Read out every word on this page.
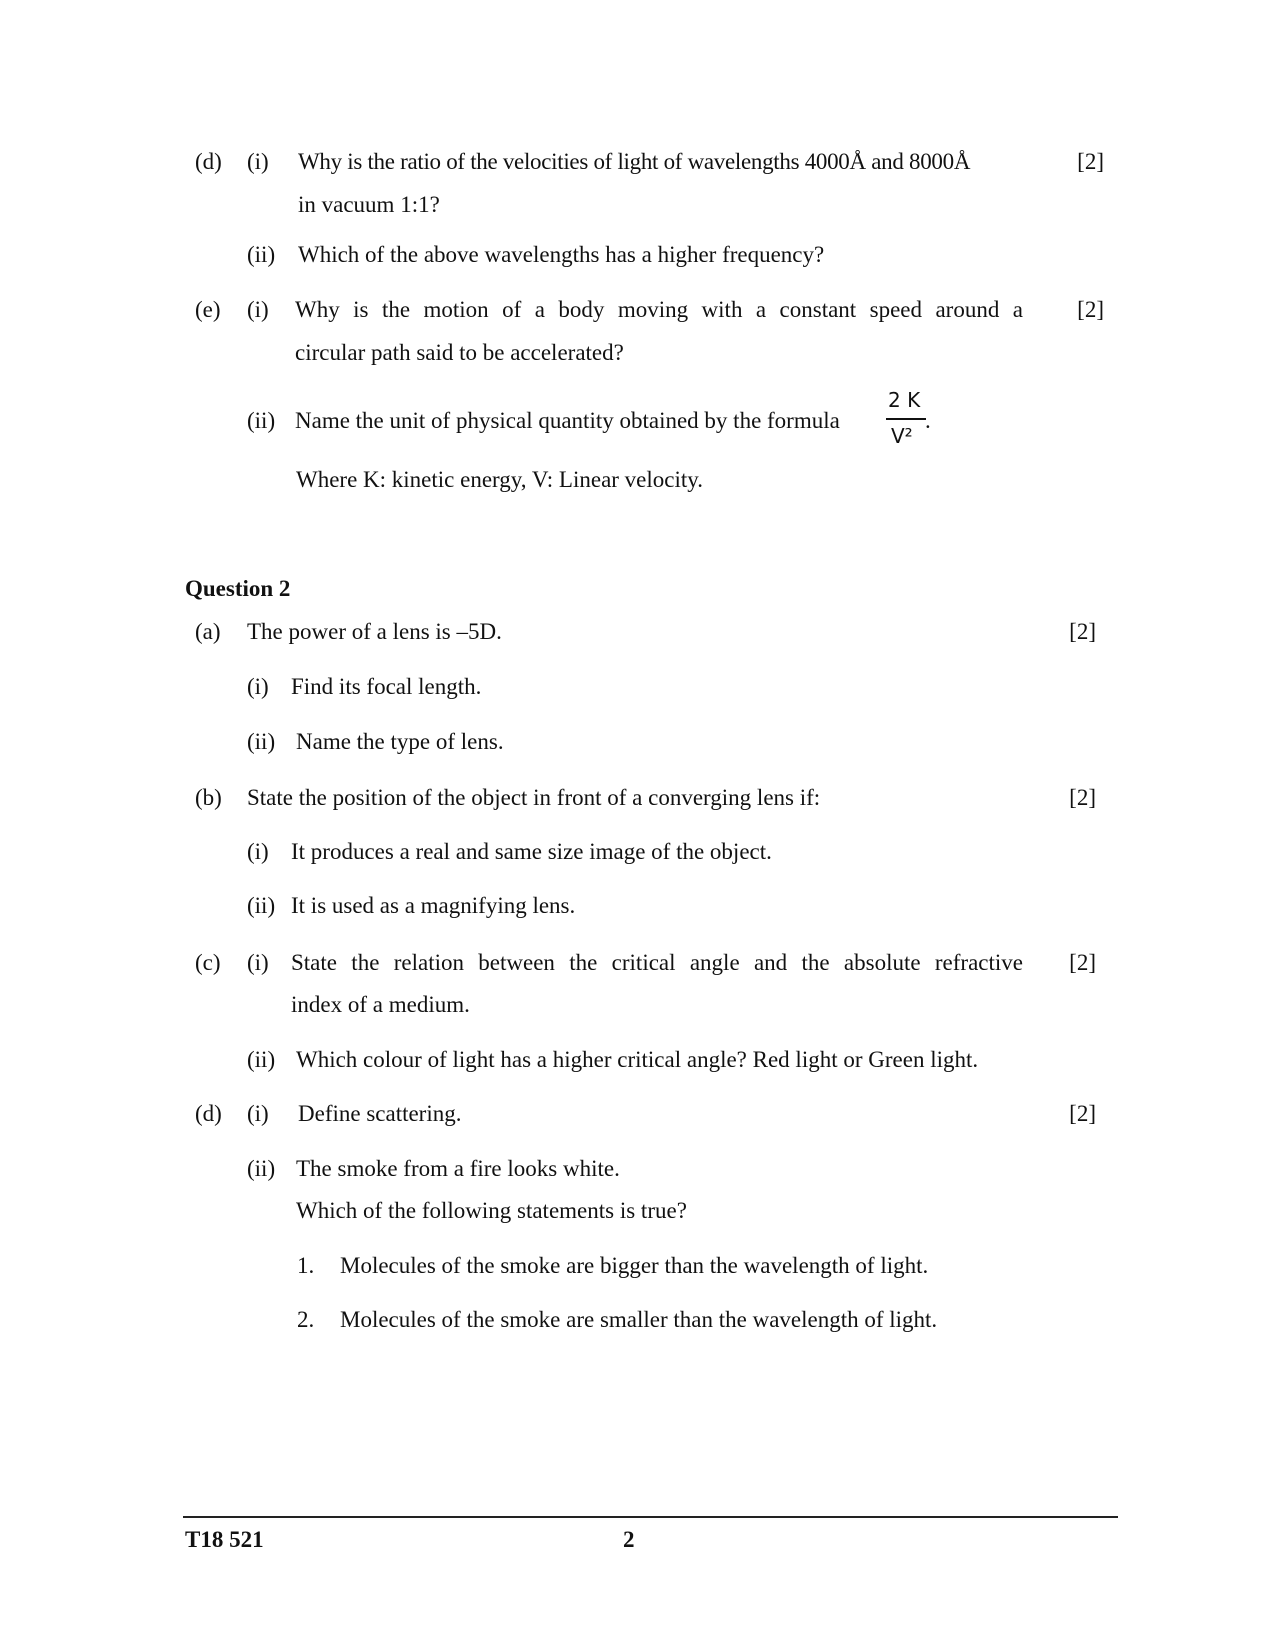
(d) (i) Why is the ratio of the velocities of light of wavelengths 4000Å and 8000Å
in vacuum 1:1?
[2]
(ii) Which of the above wavelengths has a higher frequency?
(e) (i) Why is the motion of a body moving with a constant speed around a
circular path said to be accelerated?
[2]
(ii) Name the unit of physical quantity obtained by the formula
2 K
V²
.
Where K: kinetic energy, V: Linear velocity.
Question 2
(a) The power of a lens is –5D.	[2]
(i) Find its focal length.
(ii) Name the type of lens.
(b) State the position of the object in front of a converging lens if:	[2]
(i) It produces a real and same size image of the object.
(ii) It is used as a magnifying lens.
(c) (i) State the relation between the critical angle and the absolute refractive
index of a medium.
[2]
(ii) Which colour of light has a higher critical angle? Red light or Green light.
(d) (i) Define scattering.	[2]
(ii) The smoke from a fire looks white.
Which of the following statements is true?
1. Molecules of the smoke are bigger than the wavelength of light.
2. Molecules of the smoke are smaller than the wavelength of light.
T18 521	2
